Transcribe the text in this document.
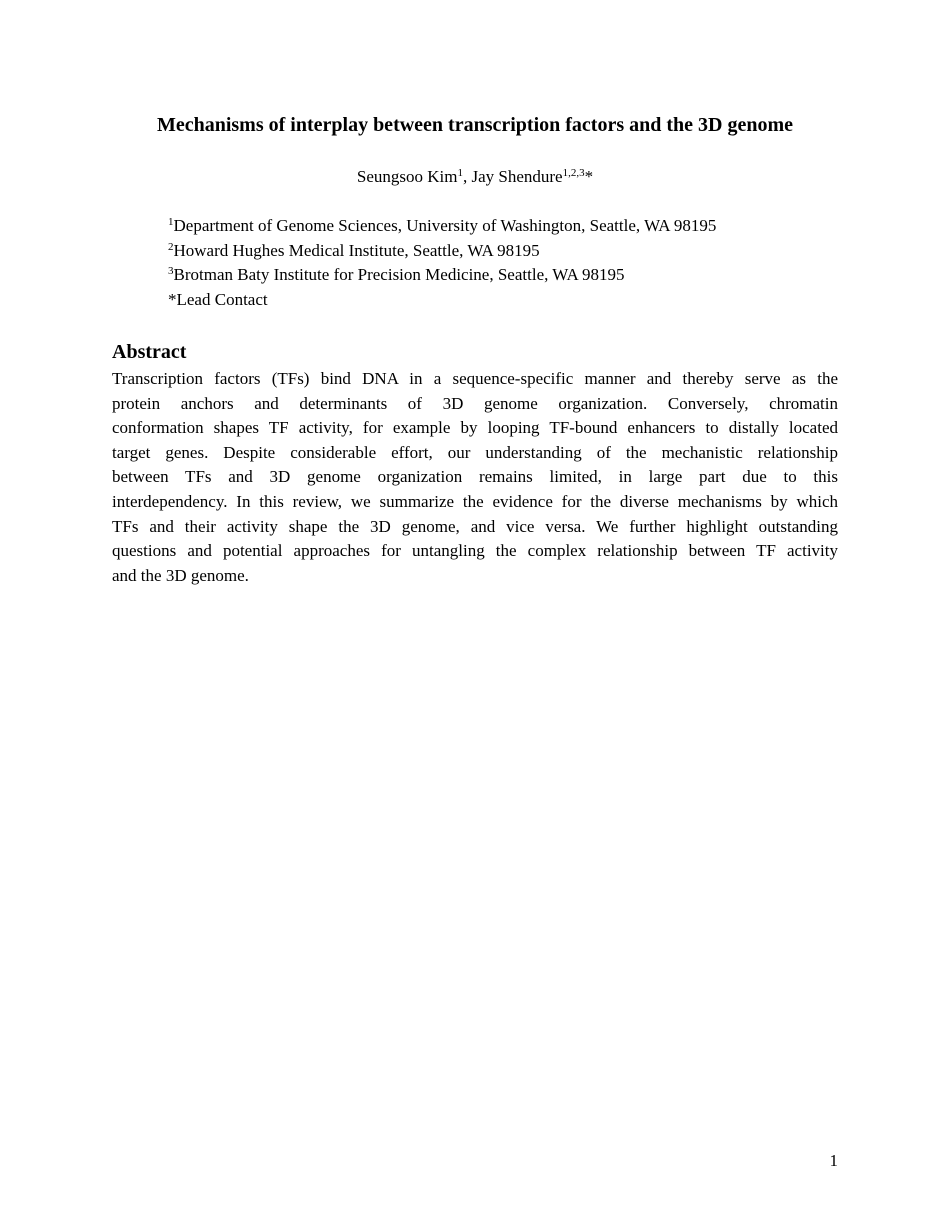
Mechanisms of interplay between transcription factors and the 3D genome
Seungsoo Kim$^1$, Jay Shendure$^{1,2,3}$*
$^1$Department of Genome Sciences, University of Washington, Seattle, WA 98195
$^2$Howard Hughes Medical Institute, Seattle, WA 98195
$^3$Brotman Baty Institute for Precision Medicine, Seattle, WA 98195
*Lead Contact
Abstract
Transcription factors (TFs) bind DNA in a sequence-specific manner and thereby serve as the
protein anchors and determinants of 3D genome organization. Conversely, chromatin
conformation shapes TF activity, for example by looping TF-bound enhancers to distally located
target genes. Despite considerable effort, our understanding of the mechanistic relationship
between TFs and 3D genome organization remains limited, in large part due to this
interdependency. In this review, we summarize the evidence for the diverse mechanisms by which
TFs and their activity shape the 3D genome, and vice versa. We further highlight outstanding
questions and potential approaches for untangling the complex relationship between TF activity
and the 3D genome.
1
